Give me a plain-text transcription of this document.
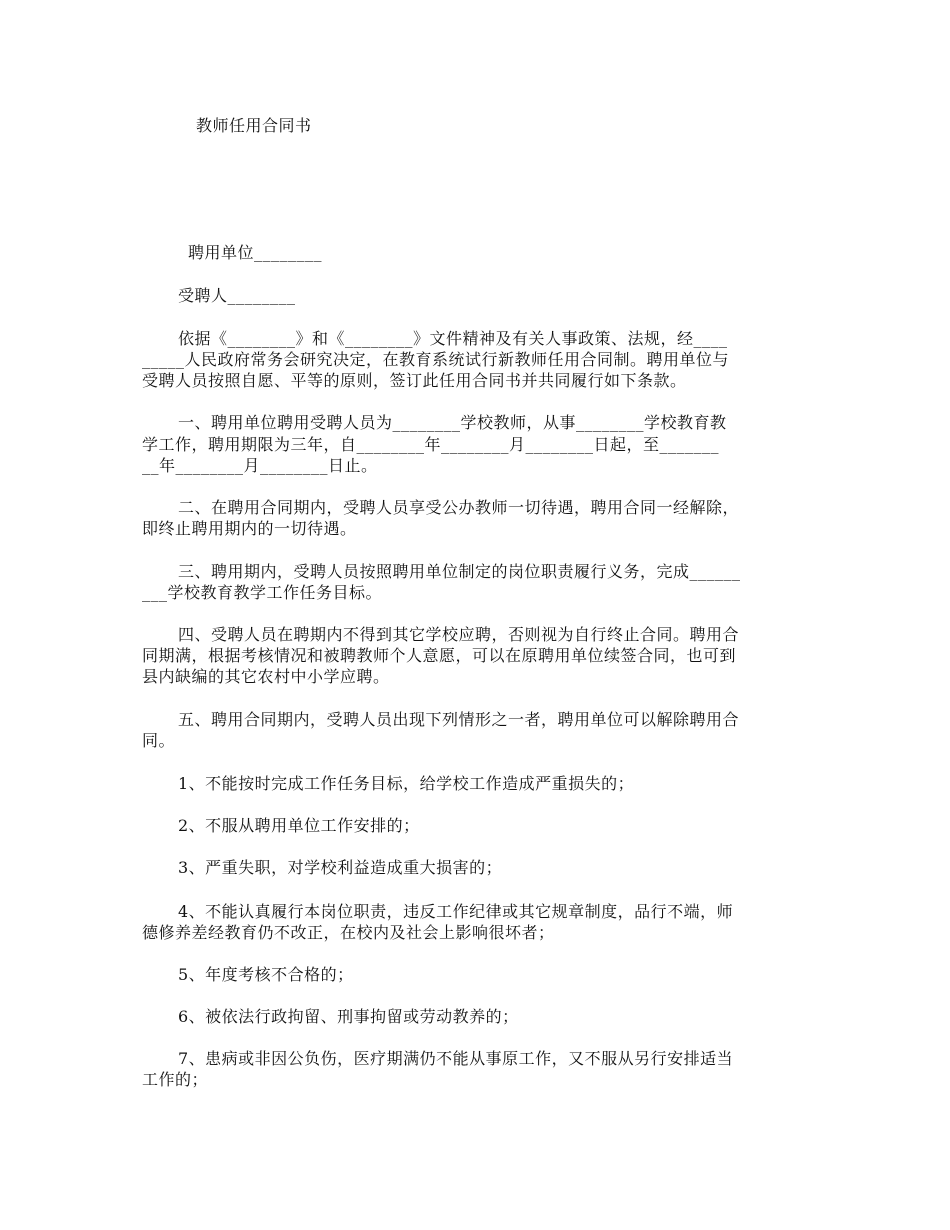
教师任用合同书
聘用单位________
受聘人________
依据《________》和《________》文件精神及有关人事政策、法规，经____
_____人民政府常务会研究决定，在教育系统试行新教师任用合同制。聘用单位与
受聘人员按照自愿、平等的原则，签订此任用合同书并共同履行如下条款。
一、聘用单位聘用受聘人员为________学校教师，从事________学校教育教
学工作，聘用期限为三年，自________年________月________日起，至_______
__年________月________日止。
二、在聘用合同期内，受聘人员享受公办教师一切待遇，聘用合同一经解除，
即终止聘用期内的一切待遇。
三、聘用期内，受聘人员按照聘用单位制定的岗位职责履行义务，完成______
___学校教育教学工作任务目标。
四、受聘人员在聘期内不得到其它学校应聘，否则视为自行终止合同。聘用合
同期满，根据考核情况和被聘教师个人意愿，可以在原聘用单位续签合同，也可到
县内缺编的其它农村中小学应聘。
五、聘用合同期内，受聘人员出现下列情形之一者，聘用单位可以解除聘用合
同。
1、不能按时完成工作任务目标，给学校工作造成严重损失的；
2、不服从聘用单位工作安排的；
3、严重失职，对学校利益造成重大损害的；
4、不能认真履行本岗位职责，违反工作纪律或其它规章制度，品行不端，师
德修养差经教育仍不改正，在校内及社会上影响很坏者；
5、年度考核不合格的；
6、被依法行政拘留、刑事拘留或劳动教养的；
7、患病或非因公负伤，医疗期满仍不能从事原工作，又不服从另行安排适当
工作的；
